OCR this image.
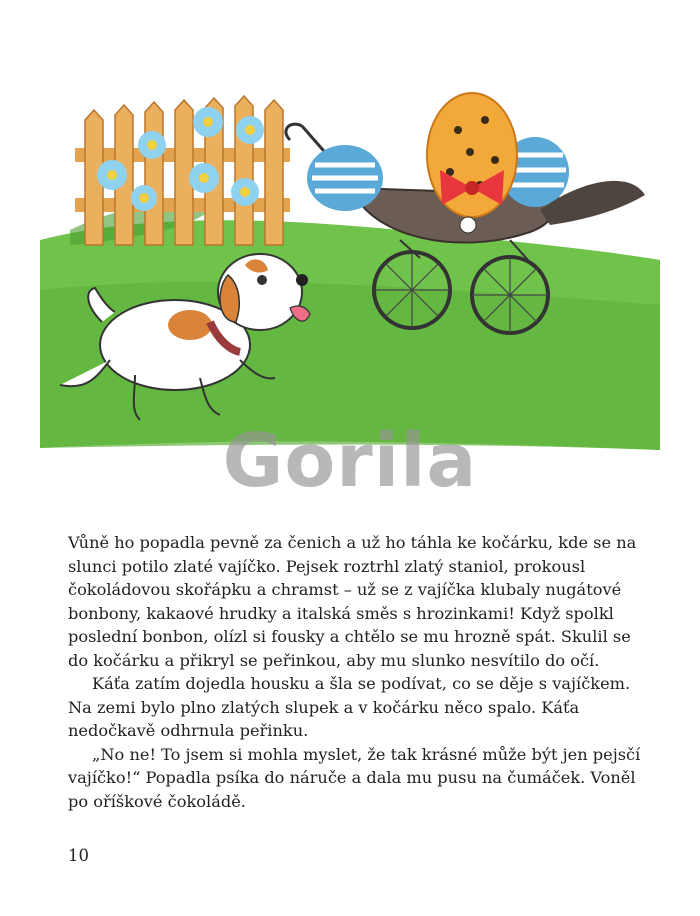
Gorila

Vůně ho popadla pevně za čenich a už ho táhla ke kočárku, kde se na slunci potilo zlaté vajíčko. Pejsek roztrhl zlatý staniol, prokousl čokoládovou skořápku a chramst – už se z vajíčka klubaly nugátové bonbony, kakaové hrudky a italská směs s hrozinkami! Když spolkl poslední bonbon, olízl si fousky a chtělo se mu hrozně spát. Skulil se do kočárku a přikryl se peřinkou, aby mu slunko nesvítilo do očí.

Káťa zatím dojedla housku a šla se podívat, co se děje s vajíčkem. Na zemi bylo plno zlatých slupek a v kočárku něco spalo. Káťa nedočkavě odhrnula peřinku.

„No ne! To jsem si mohla myslet, že tak krásné může být jen pejsčí vajíčko!“ Popadla psíka do náruče a dala mu pusu na čumáček. Voněl po oříškové čokoládě.

10
